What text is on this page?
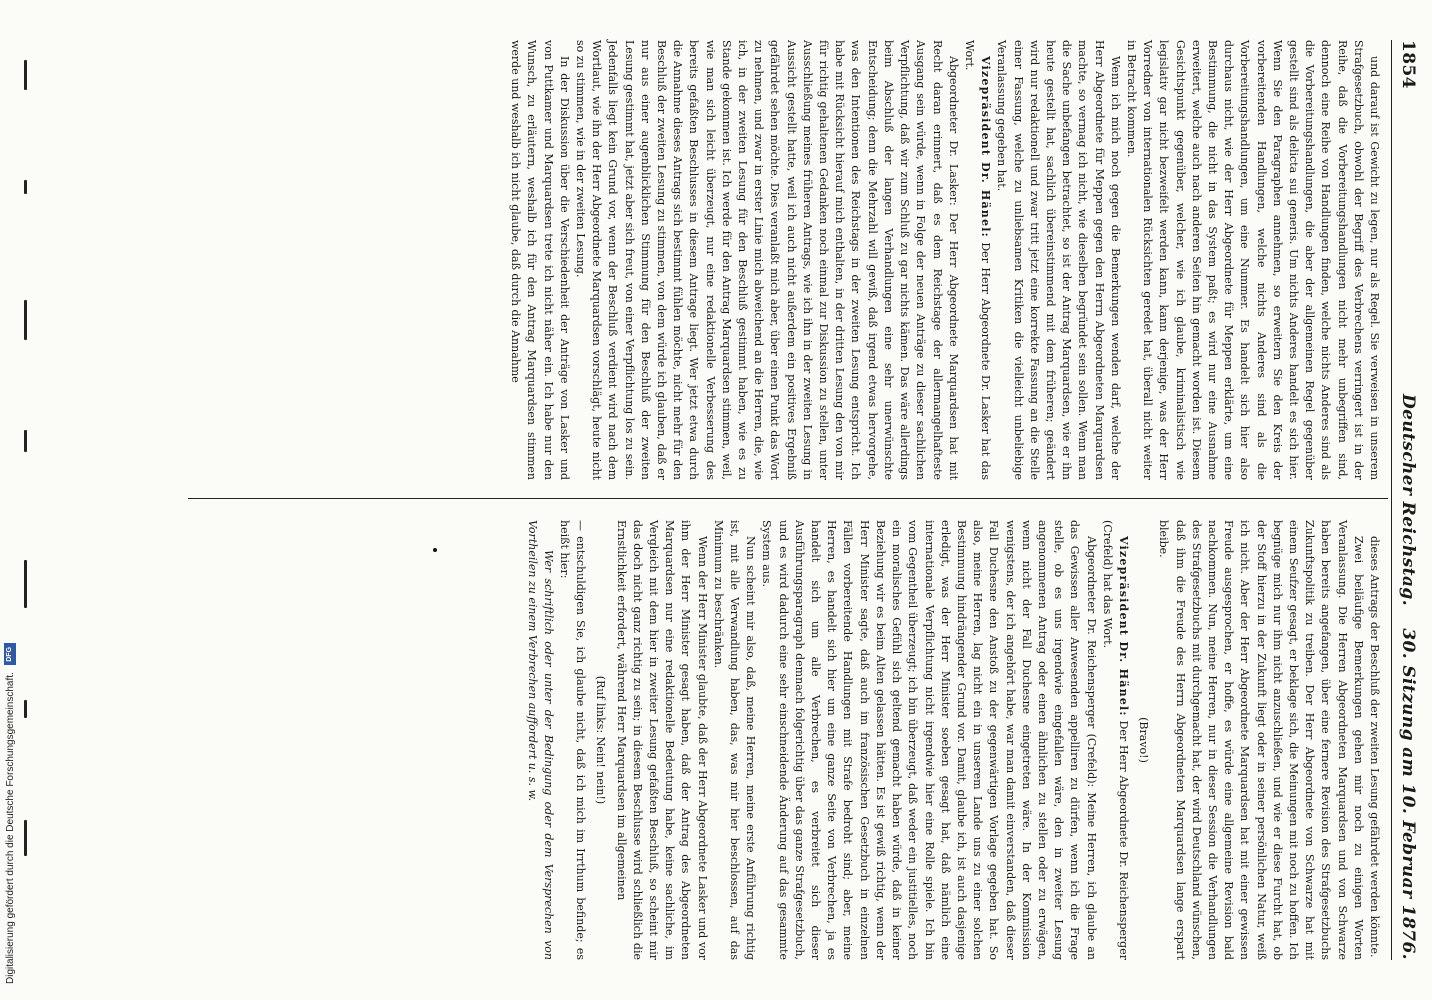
1854
Deutscher Reichstag.
30. Sitzung am 10. Februar 1876.

und darauf ist Gewicht zu legen, nur als Regel. Sie verweisen in unserem Strafgesetzbuch, obwohl der Begriff des Verbrechens verringert ist in der Reihe, daß die Vorbereitungshandlungen nicht mehr unbegriffen sind, dennoch eine Reihe von Handlungen finden, welche nichts Anderes sind als die Vorbereitungshandlungen, die aber der allgemeinen Regel gegenüber gestellt sind als delicta sui generis. Um nichts Anderes handelt es sich hier. Wenn Sie den Paragraphen annehmen, so erweitern Sie den Kreis der vorbereitenden Handlungen, welche nichts Anderes sind als die Vorbereitungshandlungen, um eine Nummer. Es handelt sich hier also durchaus nicht, wie der Herr Abgeordnete für Meppen erklärte, um eine Bestimmung, die nicht in das System paßt; es wird nur eine Ausnahme erweitert, welche auch nach anderen Seiten hin gemacht worden ist. Diesem Gesichtspunkt gegenüber, welcher, wie ich glaube, kriminalistisch wie legislativ gar nicht bezweifelt werden kann, kann derjenige, was der Herr Vorredner von internationalen Rücksichten geredet hat, überall nicht weiter in Betracht kommen.

Wenn ich mich noch gegen die Bemerkungen wenden darf, welche der Herr Abgeordnete für Meppen gegen den Herrn Abgeordneten Marquardsen machte, so vermag ich nicht, wie dieselben begründet sein sollen. Wenn man die Sache unbefangen betrachtet, so ist der Antrag Marquardsen, wie er ihn heute gestellt hat, sachlich übereinstimmend mit dem früheren; geändert wird nur redaktionell und zwar tritt jetzt eine korrekte Fassung an die Stelle einer Fassung, welche zu unliebsamen Kritiken die vielleicht unbeliebige Veranlassung gegeben hat.

Vizepräsident Dr. Hänel: Der Herr Abgeordnete Dr. Lasker hat das Wort.

Abgeordneter Dr. Lasker: Der Herr Abgeordnete Marquardsen hat mit Recht daran erinnert, daß es dem Reichstage der allermangelhafteste Ausgang sein würde, wenn in Folge der neuen Anträge zu dieser sachlichen Verpflichtung, daß wir zum Schluß zu gar nichts kämen. Das wäre allerdings beim Abschluß der langen Verhandlungen eine sehr unerwünschte Entscheidung; denn die Mehrzahl will gewiß, daß irgend etwas hervorgehe, was den Intentionen des Reichstags in der zweiten Lesung entspricht. Ich habe mit Rücksicht hierauf mich enthalten, in der dritten Lesung den von mir für richtig gehaltenen Gedanken noch einmal zur Diskussion zu stellen, unter Ausschließung meines früheren Antrags, wie ich ihn in der zweiten Lesung in Aussicht gestellt hatte, weil ich auch nicht außerdem ein positives Ergebniß gefährdet sehen möchte. Dies veranlaßt mich aber, über einen Punkt das Wort zu nehmen, und zwar in erster Linie mich abweichend an die Herren, die, wie ich, in der zweiten Lesung für den Beschluß gestimmt haben, wie es zu Stande gekommen ist. Ich werde für den Antrag Marquardsen stimmen, weil, wie man sich leicht überzeugt, nur eine redaktionelle Verbesserung des bereits gefaßten Beschlusses in diesem Antrage liegt. Wer jetzt etwa durch die Annahme dieses Antrags sich bestimmt fühlen möchte, nicht mehr für den Beschluß der zweiten Lesung zu stimmen, von dem würde ich glauben, daß er nur aus einer augenblicklichen Stimmung für den Beschluß der zweiten Lesung gestimmt hat, jetzt aber sich freut, von einer Verpflichtung los zu sein. Jedenfalls liegt kein Grund vor, wenn der Beschluß verdient wird nach dem Wortlaut, wie ihn der Herr Abgeordnete Marquardsen vorschlägt, heute nicht so zu stimmen, wie in der zweiten Lesung.

In der Diskussion über die Verschiedenheit der Anträge von Lasker und von Puttkamer und Marquardsen trete ich nicht näher ein. Ich habe nur den Wunsch, zu erläutern, weshalb ich für den Antrag Marquardsen stimmen werde und weshalb ich nicht glaube, daß durch die Annahme

dieses Antrags der Beschluß der zweiten Lesung gefährdet werden könnte.

Zwei beiläufige Bemerkungen gehen mir noch zu einigen Worten Veranlassung. Die Herren Abgeordneten Marquardsen und von Schwarze haben bereits angefangen, über eine fernere Revision des Strafgesetzbuchs Zukunftspolitik zu treiben. Der Herr Abgeordnete von Schwarze hat mit einem Seufzer gesagt, er beklage sich, die Meinungen mit noch zu hoffen. Ich begnüge mich nur ihm nicht anzuschließen, und wie er diese Furcht hat, ob der Stoff hierzu in der Zukunft liegt oder in seiner persönlichen Natur, weiß ich nicht. Aber der Herr Abgeordnete Marquardsen hat mit einer gewissen Freude ausgesprochen, er hoffe, es würde eine allgemeine Revision bald nachkommen. Nun, meine Herren, nur in dieser Session die Verhandlungen des Strafgesetzbuchs mit durchgemacht hat, der wird Deutschland wünschen, daß ihm die Freude des Herrn Abgeordneten Marquardsen lange erspart bleibe.

(Bravo!)

Vizepräsident Dr. Hänel: Der Herr Abgeordnete Dr. Reichensperger (Crefeld) hat das Wort.

Abgeordneter Dr. Reichensperger (Crefeld): Meine Herren, ich glaube an das Gewissen aller Anwesenden appelliren zu dürfen, wenn ich die Frage stelle, ob es uns irgendwie eingefallen wäre, den in zweiter Lesung angenommenen Antrag oder einen ähnlichen zu stellen oder zu erwägen, wenn nicht der Fall Duchesne eingetreten wäre. In der Kommission wenigstens, der ich angehört habe, war man damit einverstanden, daß dieser Fall Duchesne den Anstoß zu der gegenwärtigen Vorlage gegeben hat. So also, meine Herren, lag nicht ein in unserem Lande uns zu einer solchen Bestimmung hindrängender Grund vor. Damit, glaube ich, ist auch dasjenige erledigt, was der Herr Minister soeben gesagt hat, daß nämlich eine internationale Verpflichtung nicht irgendwie hier eine Rolle spiele. Ich bin vom Gegentheil überzeugt; ich bin überzeugt, daß weder ein justitielles, noch ein moralisches Gefühl sich geltend gemacht haben würde, daß in keiner Beziehung wir es beim Alten gelassen hätten. Es ist gewiß richtig, wenn der Herr Minister sagte, daß auch im französischen Gesetzbuch in einzelnen Fällen vorbereitende Handlungen mit Strafe bedroht sind; aber, meine Herren, es handelt sich hier um eine ganze Seite von Verbrechen, ja es handelt sich um alle Verbrechen, es verbreitet sich dieser Ausführungsparagraph demnach folgerichtig über das ganze Strafgesetzbuch, und es wird dadurch eine sehr einschneidende Änderung auf das gesammte System aus.

Nun scheint mir also, daß, meine Herren, meine erste Anführung richtig ist, mit alle Verwandlung haben, das, was mir hier beschlossen, auf das Minimum zu beschränken.

Wenn der Herr Minister glaubte, daß der Herr Abgeordnete Lasker und vor ihm der Herr Minister gesagt haben, daß der Antrag des Abgeordneten Marquardsen nur eine redaktionelle Bedeutung habe, keine sachliche, im Vergleich mit dem hier in zweiter Lesung gefaßten Beschluß, so scheint mir das doch nicht ganz richtig zu sein; in diesem Beschlusse wird schließlich die Ernstlichkeit erfordert, während Herr Marquardsen im allgemeinen

(Ruf links: Nein! nein!)

— entschuldigen Sie, ich glaube nicht, daß ich mich im Irrthum befinde; es heißt hier:

Wer schriftlich oder unter der Bedingung oder dem Versprechen von Vortheilen zu einem Verbrechen auffordert u. s. w.

Digitalisierung gefördert durch die Deutsche Forschungsgemeinschaft. DFG
